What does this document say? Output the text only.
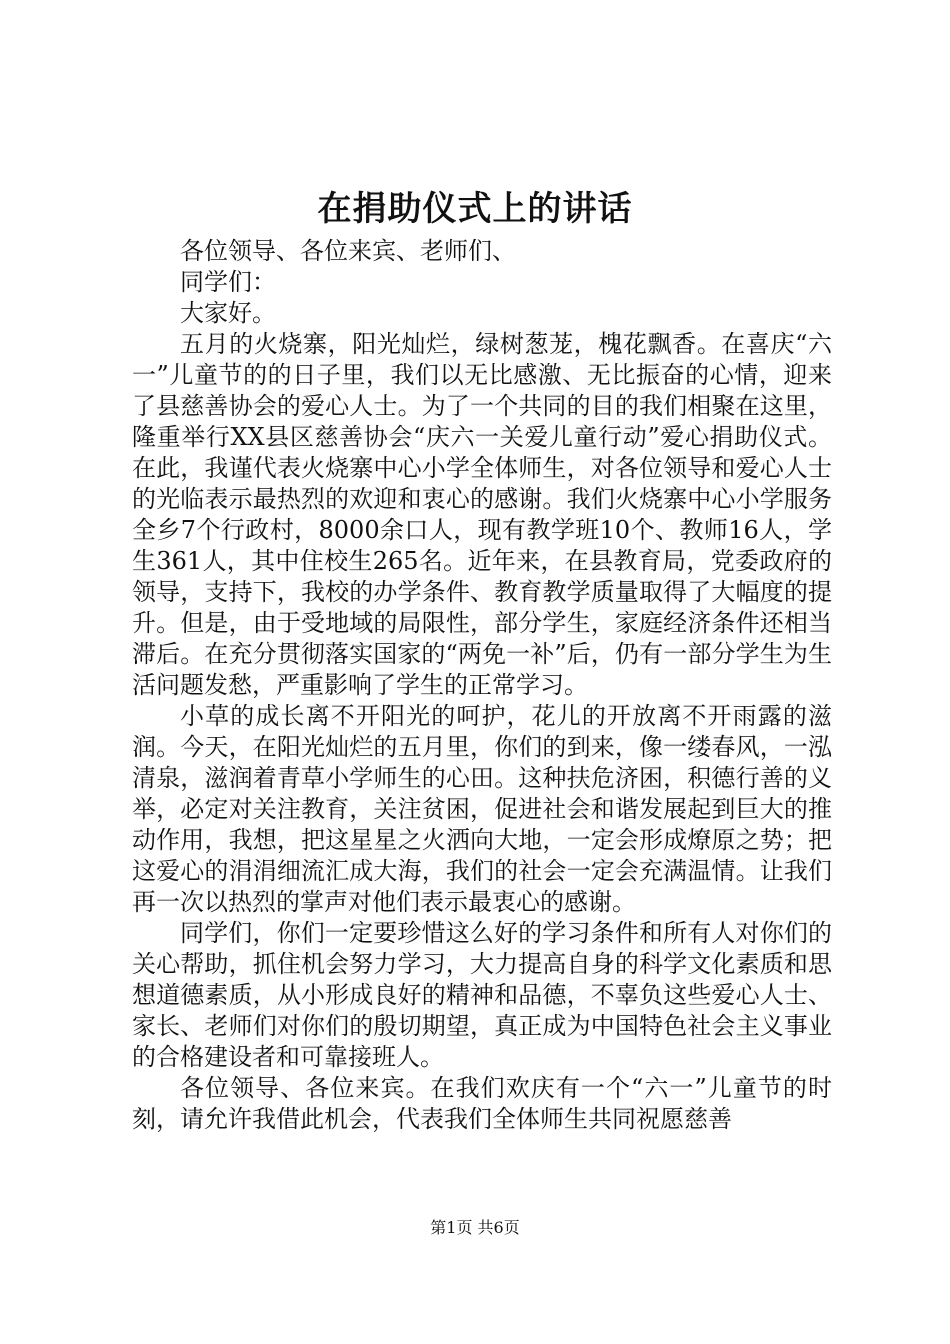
在捐助仪式上的讲话

各位领导、各位来宾、老师们、

同学们：

大家好。

五月的火烧寨，阳光灿烂，绿树葱茏，槐花飘香。在喜庆“六一”儿童节的的日子里，我们以无比感激、无比振奋的心情，迎来了县慈善协会的爱心人士。为了一个共同的目的我们相聚在这里，隆重举行XX县区慈善协会“庆六一关爱儿童行动”爱心捐助仪式。在此，我谨代表火烧寨中心小学全体师生，对各位领导和爱心人士的光临表示最热烈的欢迎和衷心的感谢。我们火烧寨中心小学服务全乡7个行政村，8000余口人，现有教学班10个、教师16人，学生361人，其中住校生265名。近年来，在县教育局，党委政府的领导，支持下，我校的办学条件、教育教学质量取得了大幅度的提升。但是，由于受地域的局限性，部分学生，家庭经济条件还相当滞后。在充分贯彻落实国家的“两免一补”后，仍有一部分学生为生活问题发愁，严重影响了学生的正常学习。

小草的成长离不开阳光的呵护，花儿的开放离不开雨露的滋润。今天，在阳光灿烂的五月里，你们的到来，像一缕春风，一泓清泉，滋润着青草小学师生的心田。这种扶危济困，积德行善的义举，必定对关注教育，关注贫困，促进社会和谐发展起到巨大的推动作用，我想，把这星星之火洒向大地，一定会形成燎原之势；把这爱心的涓涓细流汇成大海，我们的社会一定会充满温情。让我们再一次以热烈的掌声对他们表示最衷心的感谢。

同学们，你们一定要珍惜这么好的学习条件和所有人对你们的关心帮助，抓住机会努力学习，大力提高自身的科学文化素质和思想道德素质，从小形成良好的精神和品德，不辜负这些爱心人士、家长、老师们对你们的殷切期望，真正成为中国特色社会主义事业的合格建设者和可靠接班人。

各位领导、各位来宾。在我们欢庆有一个“六一”儿童节的时刻，请允许我借此机会，代表我们全体师生共同祝愿慈善

第1页 共6页
